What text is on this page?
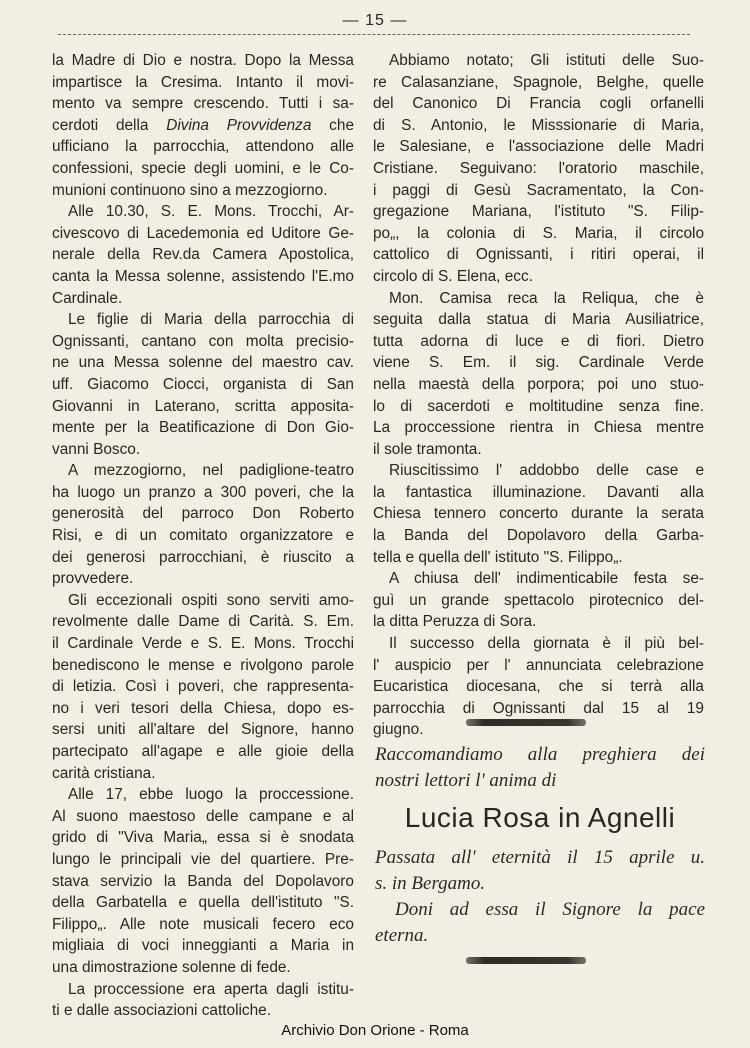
— 15 —
la Madre di Dio e nostra. Dopo la Messa
impartisce la Cresima. Intanto il movi-
mento va sempre crescendo. Tutti i sa-
cerdoti della Divina Provvidenza che
ufficiano la parrocchia, attendono alle
confessioni, specie degli uomini, e le Co-
munioni continuono sino a mezzogiorno.
Alle 10.30, S. E. Mons. Trocchi, Ar-
civescovo di Lacedemonia ed Uditore Ge-
nerale della Rev.da Camera Apostolica,
canta la Messa solenne, assistendo l'E.mo
Cardinale.
Le figlie di Maria della parrocchia di
Ognissanti, cantano con molta precisio-
ne una Messa solenne del maestro cav.
uff. Giacomo Ciocci, organista di San
Giovanni in Laterano, scritta apposita-
mente per la Beatificazione di Don Gio-
vanni Bosco.
A mezzogiorno, nel padiglione-teatro
ha luogo un pranzo a 300 poveri, che la
generosità del parroco Don Roberto
Risi, e di un comitato organizzatore e
dei generosi parrocchiani, è riuscito a
provvedere.
Gli eccezionali ospiti sono serviti amo-
revolmente dalle Dame di Carità. S. Em.
il Cardinale Verde e S. E. Mons. Trocchi
benediscono le mense e rivolgono parole
di letizia. Così i poveri, che rappresenta-
no i veri tesori della Chiesa, dopo es-
sersi uniti all'altare del Signore, hanno
partecipato all'agape e alle gioie della
carità cristiana.
Alle 17, ebbe luogo la proccessione.
Al suono maestoso delle campane e al
grido di "Viva Maria„ essa si è snodata
lungo le principali vie del quartiere. Pre-
stava servizio la Banda del Dopolavoro
della Garbatella e quella dell'istituto "S.
Filippo„. Alle note musicali fecero eco
migliaia di voci inneggianti a Maria in
una dimostrazione solenne di fede.
La proccessione era aperta dagli istitu-
ti e dalle associazioni cattoliche.
Abbiamo notato; Gli istituti delle Suo-
re Calasanziane, Spagnole, Belghe, quelle
del Canonico Di Francia cogli orfanelli
di S. Antonio, le Misssionarie di Maria,
le Salesiane, e l'associazione delle Madri
Cristiane. Seguivano: l'oratorio maschile,
i paggi di Gesù Sacramentato, la Con-
gregazione Mariana, l'istituto "S. Filip-
po„, la colonia di S. Maria, il circolo
cattolico di Ognissanti, i ritiri operai, il
circolo di S. Elena, ecc.
Mon. Camisa reca la Reliqua, che è
seguita dalla statua di Maria Ausiliatrice,
tutta adorna di luce e di fiori. Dietro
viene S. Em. il sig. Cardinale Verde
nella maestà della porpora; poi uno stuo-
lo di sacerdoti e moltitudine senza fine.
La proccessione rientra in Chiesa mentre
il sole tramonta.
Riuscitissimo l' addobbo delle case e
la fantastica illuminazione. Davanti alla
Chiesa tennero concerto durante la serata
la Banda del Dopolavoro della Garba-
tella e quella dell' istituto "S. Filippo„.
A chiusa dell' indimenticabile festa se-
guì un grande spettacolo pirotecnico del-
la ditta Peruzza di Sora.
Il successo della giornata è il più bel-
l' auspicio per l' annunciata celebrazione
Eucaristica diocesana, che si terrà alla
parrocchia di Ognissanti dal 15 al 19
giugno.
Raccomandiamo alla preghiera dei
nostri lettori l' anima di
Lucia Rosa in Agnelli
Passata all' eternità il 15 aprile u.
s. in Bergamo.
Doni ad essa il Signore la pace
eterna.
Archivio Don Orione - Roma
